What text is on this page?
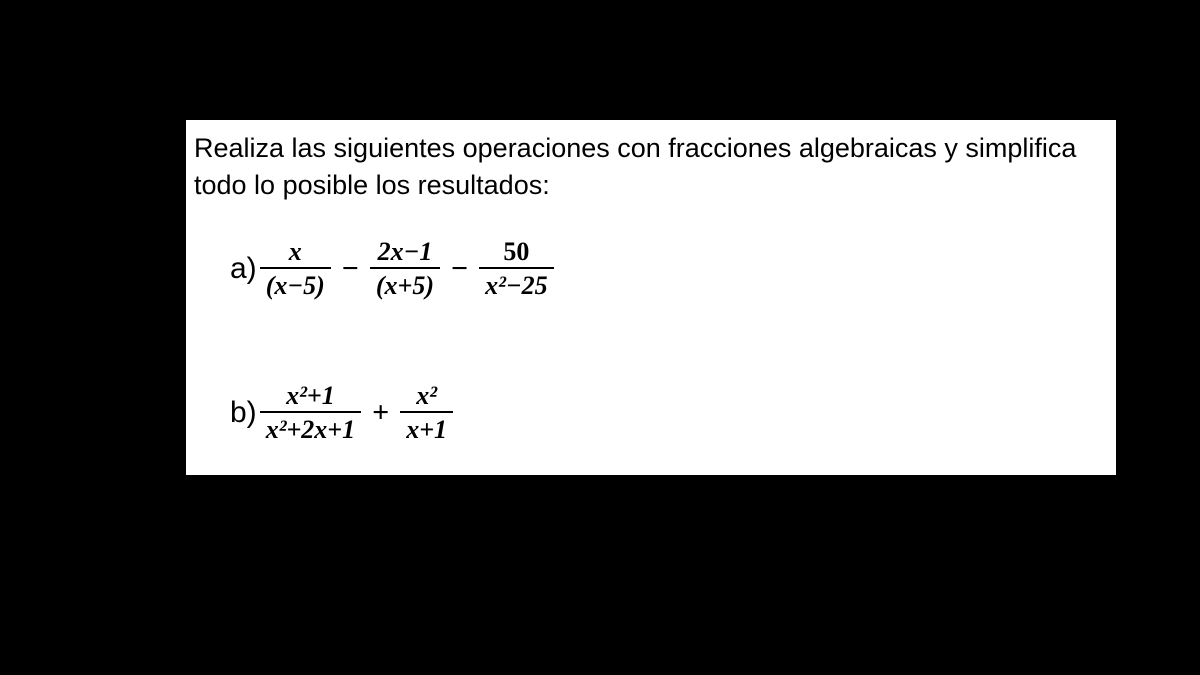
Realiza las siguientes operaciones con fracciones algebraicas y simplifica todo lo posible los resultados:
$a) \frac{x}{(x-5)} - \frac{2x-1}{(x+5)} - \frac{50}{\text{x²−25}}$
$b) \frac{\text{x²+1}}{\text{x²+2x+1}} + \frac{\text{x²}}{x+1}$
